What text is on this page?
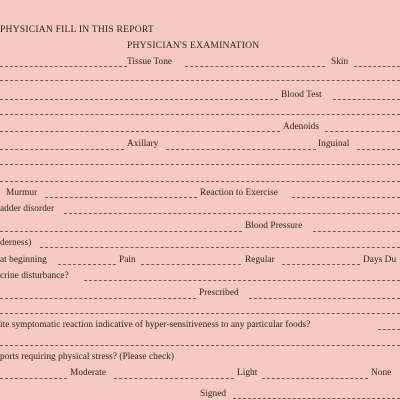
PHYSICIAN FILL IN THIS REPORT
PHYSICIAN'S EXAMINATION
Tissue Tone	Skin
Blood Test
Adenoids
Axillary	Inguinal
Murmur	Reaction to Exercise
adder disorder
Blood Pressure
derness)
at beginning	Pain	Regular	Days Du
crine disturbance?
Prescribed
ite symptomatic reaction indicative of hyper-sensitiveness to any particular foods?
ports requiring physical stress? (Please check)
Moderate	Light	None
Signed
